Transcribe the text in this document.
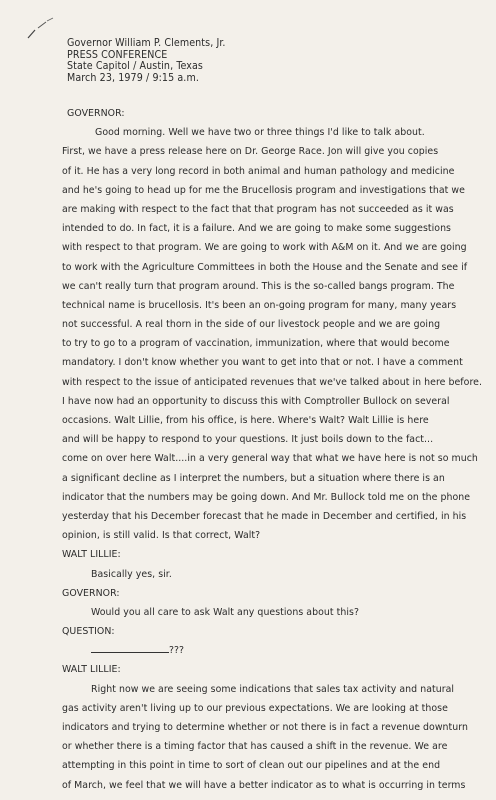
Governor William P. Clements, Jr.
PRESS CONFERENCE
State Capitol / Austin, Texas
March 23, 1979 / 9:15 a.m.
GOVERNOR:
Good morning. Well we have two or three things I'd like to talk about.
First, we have a press release here on Dr. George Race. Jon will give you copies
of it. He has a very long record in both animal and human pathology and medicine
and he's going to head up for me the Brucellosis program and investigations that we
are making with respect to the fact that that program has not succeeded as it was
intended to do. In fact, it is a failure. And we are going to make some suggestions
with respect to that program. We are going to work with A&M on it. And we are going
to work with the Agriculture Committees in both the House and the Senate and see if
we can't really turn that program around. This is the so-called bangs program. The
technical name is brucellosis. It's been an on-going program for many, many years
not successful. A real thorn in the side of our livestock people and we are going
to try to go to a program of vaccination, immunization, where that would become
mandatory. I don't know whether you want to get into that or not. I have a comment
with respect to the issue of anticipated revenues that we've talked about in here before.
I have now had an opportunity to discuss this with Comptroller Bullock on several
occasions. Walt Lillie, from his office, is here. Where's Walt? Walt Lillie is here
and will be happy to respond to your questions. It just boils down to the fact...
come on over here Walt....in a very general way that what we have here is not so much
a significant decline as I interpret the numbers, but a situation where there is an
indicator that the numbers may be going down. And Mr. Bullock told me on the phone
yesterday that his December forecast that he made in December and certified, in his
opinion, is still valid. Is that correct, Walt?
WALT LILLIE:
Basically yes, sir.
GOVERNOR:
Would you all care to ask Walt any questions about this?
QUESTION:
???
WALT LILLIE:
Right now we are seeing some indications that sales tax activity and natural
gas activity aren't living up to our previous expectations. We are looking at those
indicators and trying to determine whether or not there is in fact a revenue downturn
or whether there is a timing factor that has caused a shift in the revenue. We are
attempting in this point in time to sort of clean out our pipelines and at the end
of March, we feel that we will have a better indicator as to what is occurring in terms
